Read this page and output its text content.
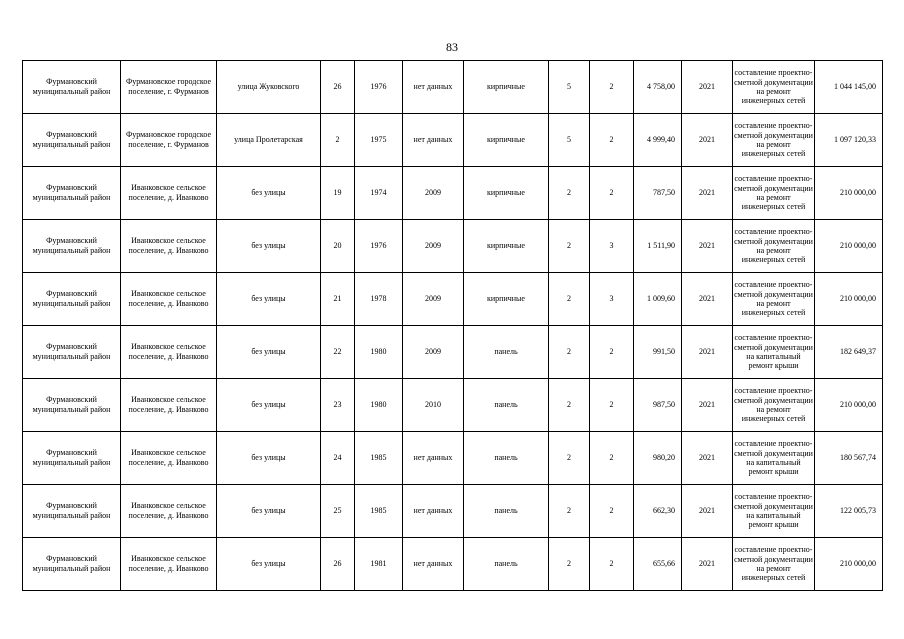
83
Фурмановский муниципальный район	Фурмановское городское поселение, г. Фурманов	улица Жуковского	26	1976	нет данных	кирпичные	5	2	4 758,00	2021	составление проектно-сметной документации на ремонт инженерных сетей	1 044 145,00
Фурмановский муниципальный район	Фурмановское городское поселение, г. Фурманов	улица Пролетарская	2	1975	нет данных	кирпичные	5	2	4 999,40	2021	составление проектно-сметной документации на ремонт инженерных сетей	1 097 120,33
Фурмановский муниципальный район	Иванковское сельское поселение, д. Иванково	без улицы	19	1974	2009	кирпичные	2	2	787,50	2021	составление проектно-сметной документации на ремонт инженерных сетей	210 000,00
Фурмановский муниципальный район	Иванковское сельское поселение, д. Иванково	без улицы	20	1976	2009	кирпичные	2	3	1 511,90	2021	составление проектно-сметной документации на ремонт инженерных сетей	210 000,00
Фурмановский муниципальный район	Иванковское сельское поселение, д. Иванково	без улицы	21	1978	2009	кирпичные	2	3	1 009,60	2021	составление проектно-сметной документации на ремонт инженерных сетей	210 000,00
Фурмановский муниципальный район	Иванковское сельское поселение, д. Иванково	без улицы	22	1980	2009	панель	2	2	991,50	2021	составление проектно-сметной документации на капитальный ремонт крыши	182 649,37
Фурмановский муниципальный район	Иванковское сельское поселение, д. Иванково	без улицы	23	1980	2010	панель	2	2	987,50	2021	составление проектно-сметной документации на ремонт инженерных сетей	210 000,00
Фурмановский муниципальный район	Иванковское сельское поселение, д. Иванково	без улицы	24	1985	нет данных	панель	2	2	980,20	2021	составление проектно-сметной документации на капитальный ремонт крыши	180 567,74
Фурмановский муниципальный район	Иванковское сельское поселение, д. Иванково	без улицы	25	1985	нет данных	панель	2	2	662,30	2021	составление проектно-сметной документации на капитальный ремонт крыши	122 005,73
Фурмановский муниципальный район	Иванковское сельское поселение, д. Иванково	без улицы	26	1981	нет данных	панель	2	2	655,66	2021	составление проектно-сметной документации на ремонт инженерных сетей	210 000,00
